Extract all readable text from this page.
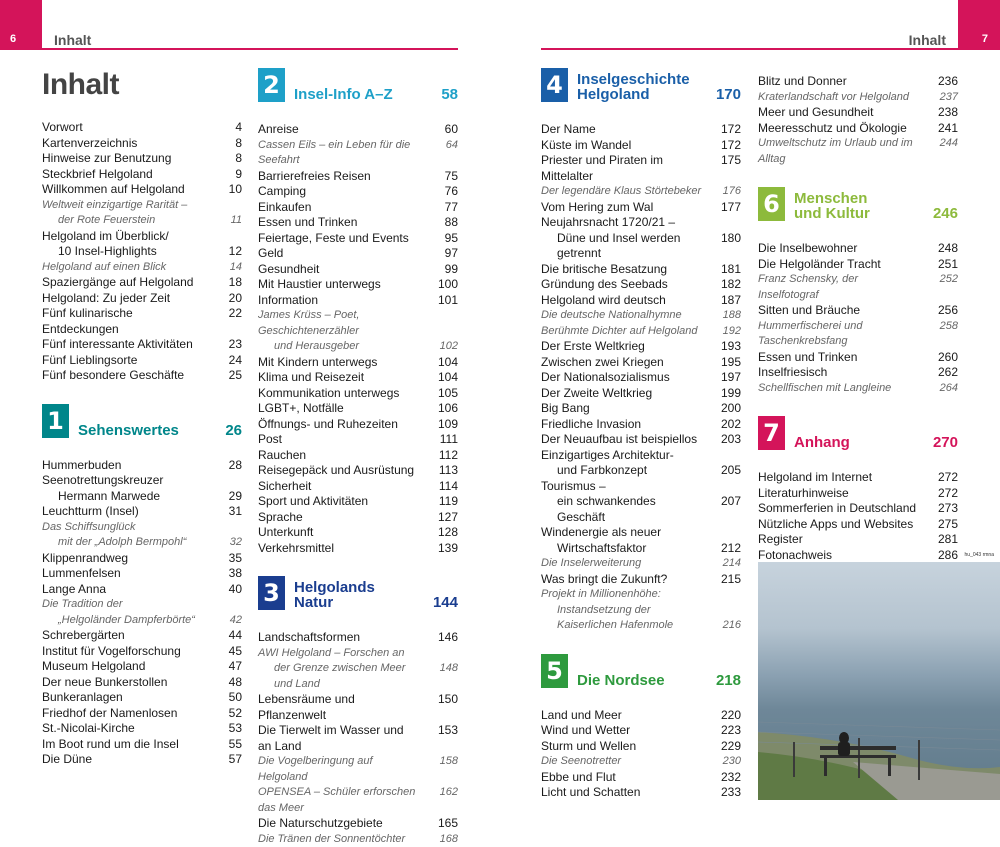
6	Inhalt
Inhalt
7
Inhalt
Vorwort	4
Kartenverzeichnis	8
Hinweise zur Benutzung	8
Steckbrief Helgoland	9
Willkommen auf Helgoland	10
Weltweit einzigartige Rarität –
der Rote Feuerstein	11
Helgoland im Überblick/
10 Insel-Highlights	12
Helgoland auf einen Blick	14
Spaziergänge auf Helgoland	18
Helgoland: Zu jeder Zeit	20
Fünf kulinarische Entdeckungen
22
Fünf interessante Aktivitäten	23
Fünf Lieblingsorte	24
Fünf besondere Geschäfte	25
1 Sehenswertes	26
Hummerbuden	28
Seenotrettungskreuzer
Hermann Marwede	29
Leuchtturm (Insel)	31
Das Schiffsunglück
mit der „Adolph Bermpohl“	32
Klippenrandweg	35
Lummenfelsen	38
Lange Anna	40
Die Tradition der
„Helgoländer Dampferbörte“	42
Schrebergärten	44
Institut für Vogelforschung	45
Museum Helgoland	47
Der neue Bunkerstollen	48
Bunkeranlagen	50
Friedhof der Namenlosen	52
St.-Nicolai-Kirche	53
Im Boot rund um die Insel	55
Die Düne	57
2 Insel-Info A–Z	58
Anreise	60
Cassen Eils – ein Leben für die Seefahrt
64
Barrierefreies Reisen	75
Camping	76
Einkaufen	77
Essen und Trinken	88
Feiertage, Feste und Events	95
Geld	97
Gesundheit	99
Mit Haustier unterwegs	100
Information	101
James Krüss – Poet, Geschichtenerzähler
und Herausgeber	102
Mit Kindern unterwegs	104
Klima und Reisezeit	104
Kommunikation unterwegs	105
LGBT+, Notfälle	106
Öffnungs- und Ruhezeiten	109
Post	111
Rauchen	112
Reisegepäck und Ausrüstung	113
Sicherheit	114
Sport und Aktivitäten	119
Sprache	127
Unterkunft	128
Verkehrsmittel	139
3 Helgolands Natur	144
Landschaftsformen	146
AWI Helgoland – Forschen an
der Grenze zwischen Meer und Land
148
Lebensräume und Pflanzenwelt
150
Die Tierwelt im Wasser und an Land
153
Die Vogelberingung auf Helgoland
158
OPENSEA – Schüler erforschen das Meer
162
Die Naturschutzgebiete	165
Die Tränen der Sonnentöchter	168
4 Inselgeschichte Helgoland	170
Der Name	172
Küste im Wandel	172
Priester und Piraten im Mittelalter
175
Der legendäre Klaus Störtebeker	176
Vom Hering zum Wal	177
Neujahrsnacht 1720/21 –
Düne und Insel werden getrennt
180
Die britische Besatzung	181
Gründung des Seebads	182
Helgoland wird deutsch	187
Die deutsche Nationalhymne	188
Berühmte Dichter auf Helgoland	192
Der Erste Weltkrieg	193
Zwischen zwei Kriegen	195
Der Nationalsozialismus	197
Der Zweite Weltkrieg	199
Big Bang	200
Friedliche Invasion	202
Der Neuaufbau ist beispiellos	203
Einzigartiges Architektur-
und Farbkonzept	205
Tourismus –
ein schwankendes Geschäft
207
Windenergie als neuer
Wirtschaftsfaktor	212
Die Inselerweiterung	214
Was bringt die Zukunft?	215
Projekt in Millionenhöhe:
Instandsetzung der
Kaiserlichen Hafenmole	216
5 Die Nordsee	218
Land und Meer	220
Wind und Wetter	223
Sturm und Wellen	229
Die Seenotretter	230
Ebbe und Flut	232
Licht und Schatten	233
Blitz und Donner	236
Kraterlandschaft vor Helgoland	237
Meer und Gesundheit	238
Meeresschutz und Ökologie	241
Umweltschutz im Urlaub und im Alltag
244
6 Menschen und Kultur	246
Die Inselbewohner	248
Die Helgoländer Tracht	251
Franz Schensky, der Inselfotograf
252
Sitten und Bräuche	256
Hummerfischerei und Taschenkrebsfang
258
Essen und Trinken	260
Inselfriesisch	262
Schellfischen mit Langleine	264
7 Anhang	270
Helgoland im Internet	272
Literaturhinweise	272
Sommerferien in Deutschland	273
Nützliche Apps und Websites	275
Register	281
Fotonachweis	286 hu_043 rmna
